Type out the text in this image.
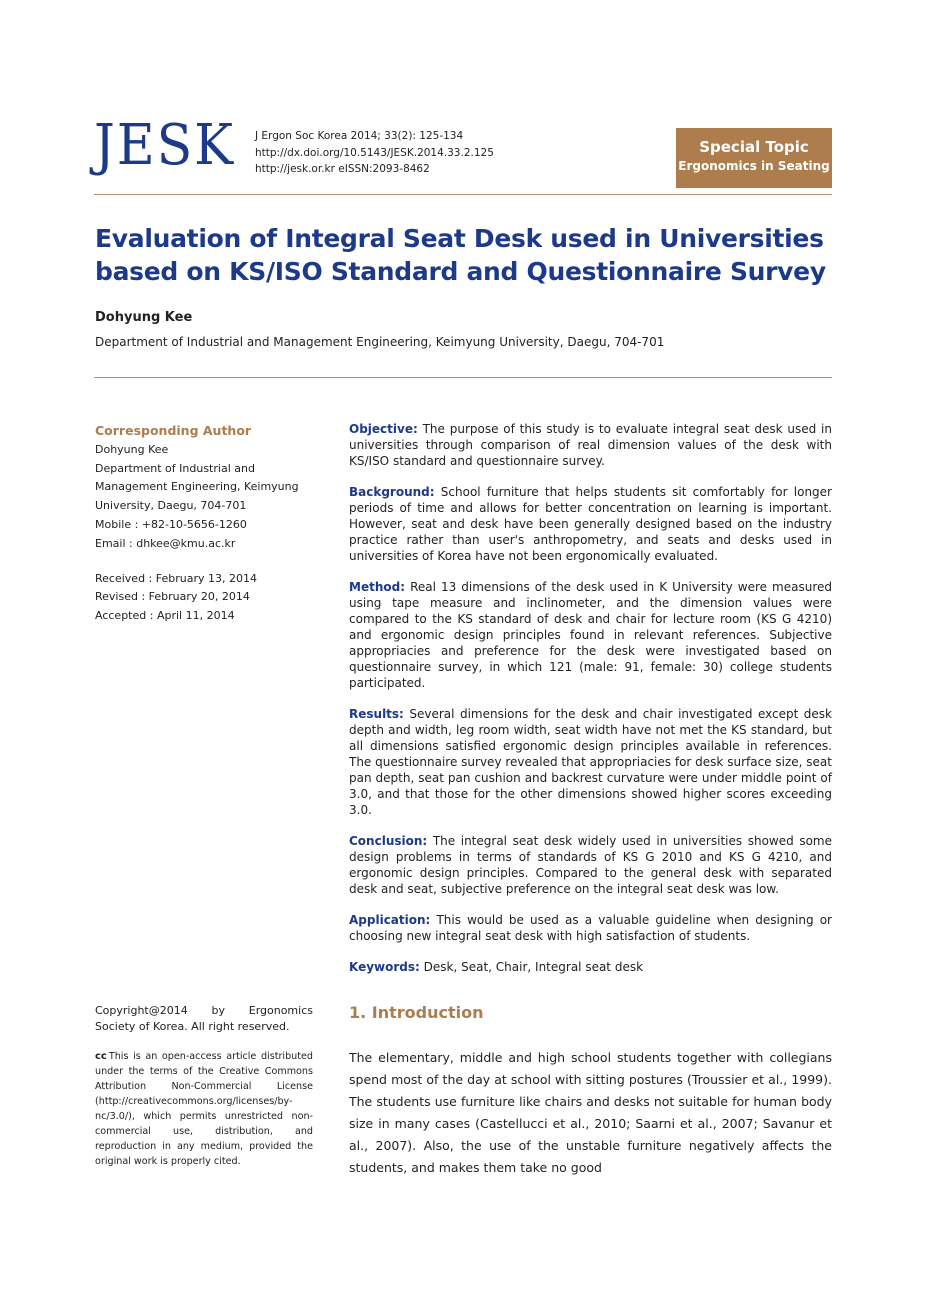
JESK J Ergon Soc Korea 2014; 33(2): 125-134
http://dx.doi.org/10.5143/JESK.2014.33.2.125
http://jesk.or.kr eISSN:2093-8462
Special Topic
Ergonomics in Seating
Evaluation of Integral Seat Desk used in Universities based on KS/ISO Standard and Questionnaire Survey
Dohyung Kee
Department of Industrial and Management Engineering, Keimyung University, Daegu, 704-701
Corresponding Author
Dohyung Kee
Department of Industrial and
Management Engineering, Keimyung
University, Daegu, 704-701
Mobile : +82-10-5656-1260
Email : dhkee@kmu.ac.kr
Received : February 13, 2014
Revised : February 20, 2014
Accepted : April 11, 2014

Objective: The purpose of this study is to evaluate integral seat desk used in universities through comparison of real dimension values of the desk with KS/ISO standard and questionnaire survey.

Background: School furniture that helps students sit comfortably for longer periods of time and allows for better concentration on learning is important. However, seat and desk have been generally designed based on the industry practice rather than user's anthropometry, and seats and desks used in universities of Korea have not been ergonomically evaluated.

Method: Real 13 dimensions of the desk used in K University were measured using tape measure and inclinometer, and the dimension values were compared to the KS standard of desk and chair for lecture room (KS G 4210) and ergonomic design principles found in relevant references. Subjective appropriacies and preference for the desk were investigated based on questionnaire survey, in which 121 (male: 91, female: 30) college students participated.

Results: Several dimensions for the desk and chair investigated except desk depth and width, leg room width, seat width have not met the KS standard, but all dimensions satisfied ergonomic design principles available in references. The questionnaire survey revealed that appropriacies for desk surface size, seat pan depth, seat pan cushion and backrest curvature were under middle point of 3.0, and that those for the other dimensions showed higher scores exceeding 3.0.

Conclusion: The integral seat desk widely used in universities showed some design problems in terms of standards of KS G 2010 and KS G 4210, and ergonomic design principles. Compared to the general desk with separated desk and seat, subjective preference on the integral seat desk was low.

Application: This would be used as a valuable guideline when designing or choosing new integral seat desk with high satisfaction of students.

Keywords: Desk, Seat, Chair, Integral seat desk

Copyright@2014 by Ergonomics Society of Korea. All right reserved.
cc This is an open-access article distributed under the terms of the Creative Commons Attribution Non-Commercial License (http://creativecommons.org/licenses/by-nc/3.0/), which permits unrestricted non-commercial use, distribution, and reproduction in any medium, provided the original work is properly cited.
1. Introduction
The elementary, middle and high school students together with collegians spend most of the day at school with sitting postures (Troussier et al., 1999). The students use furniture like chairs and desks not suitable for human body size in many cases (Castellucci et al., 2010; Saarni et al., 2007; Savanur et al., 2007). Also, the use of the unstable furniture negatively affects the students, and makes them take no good
